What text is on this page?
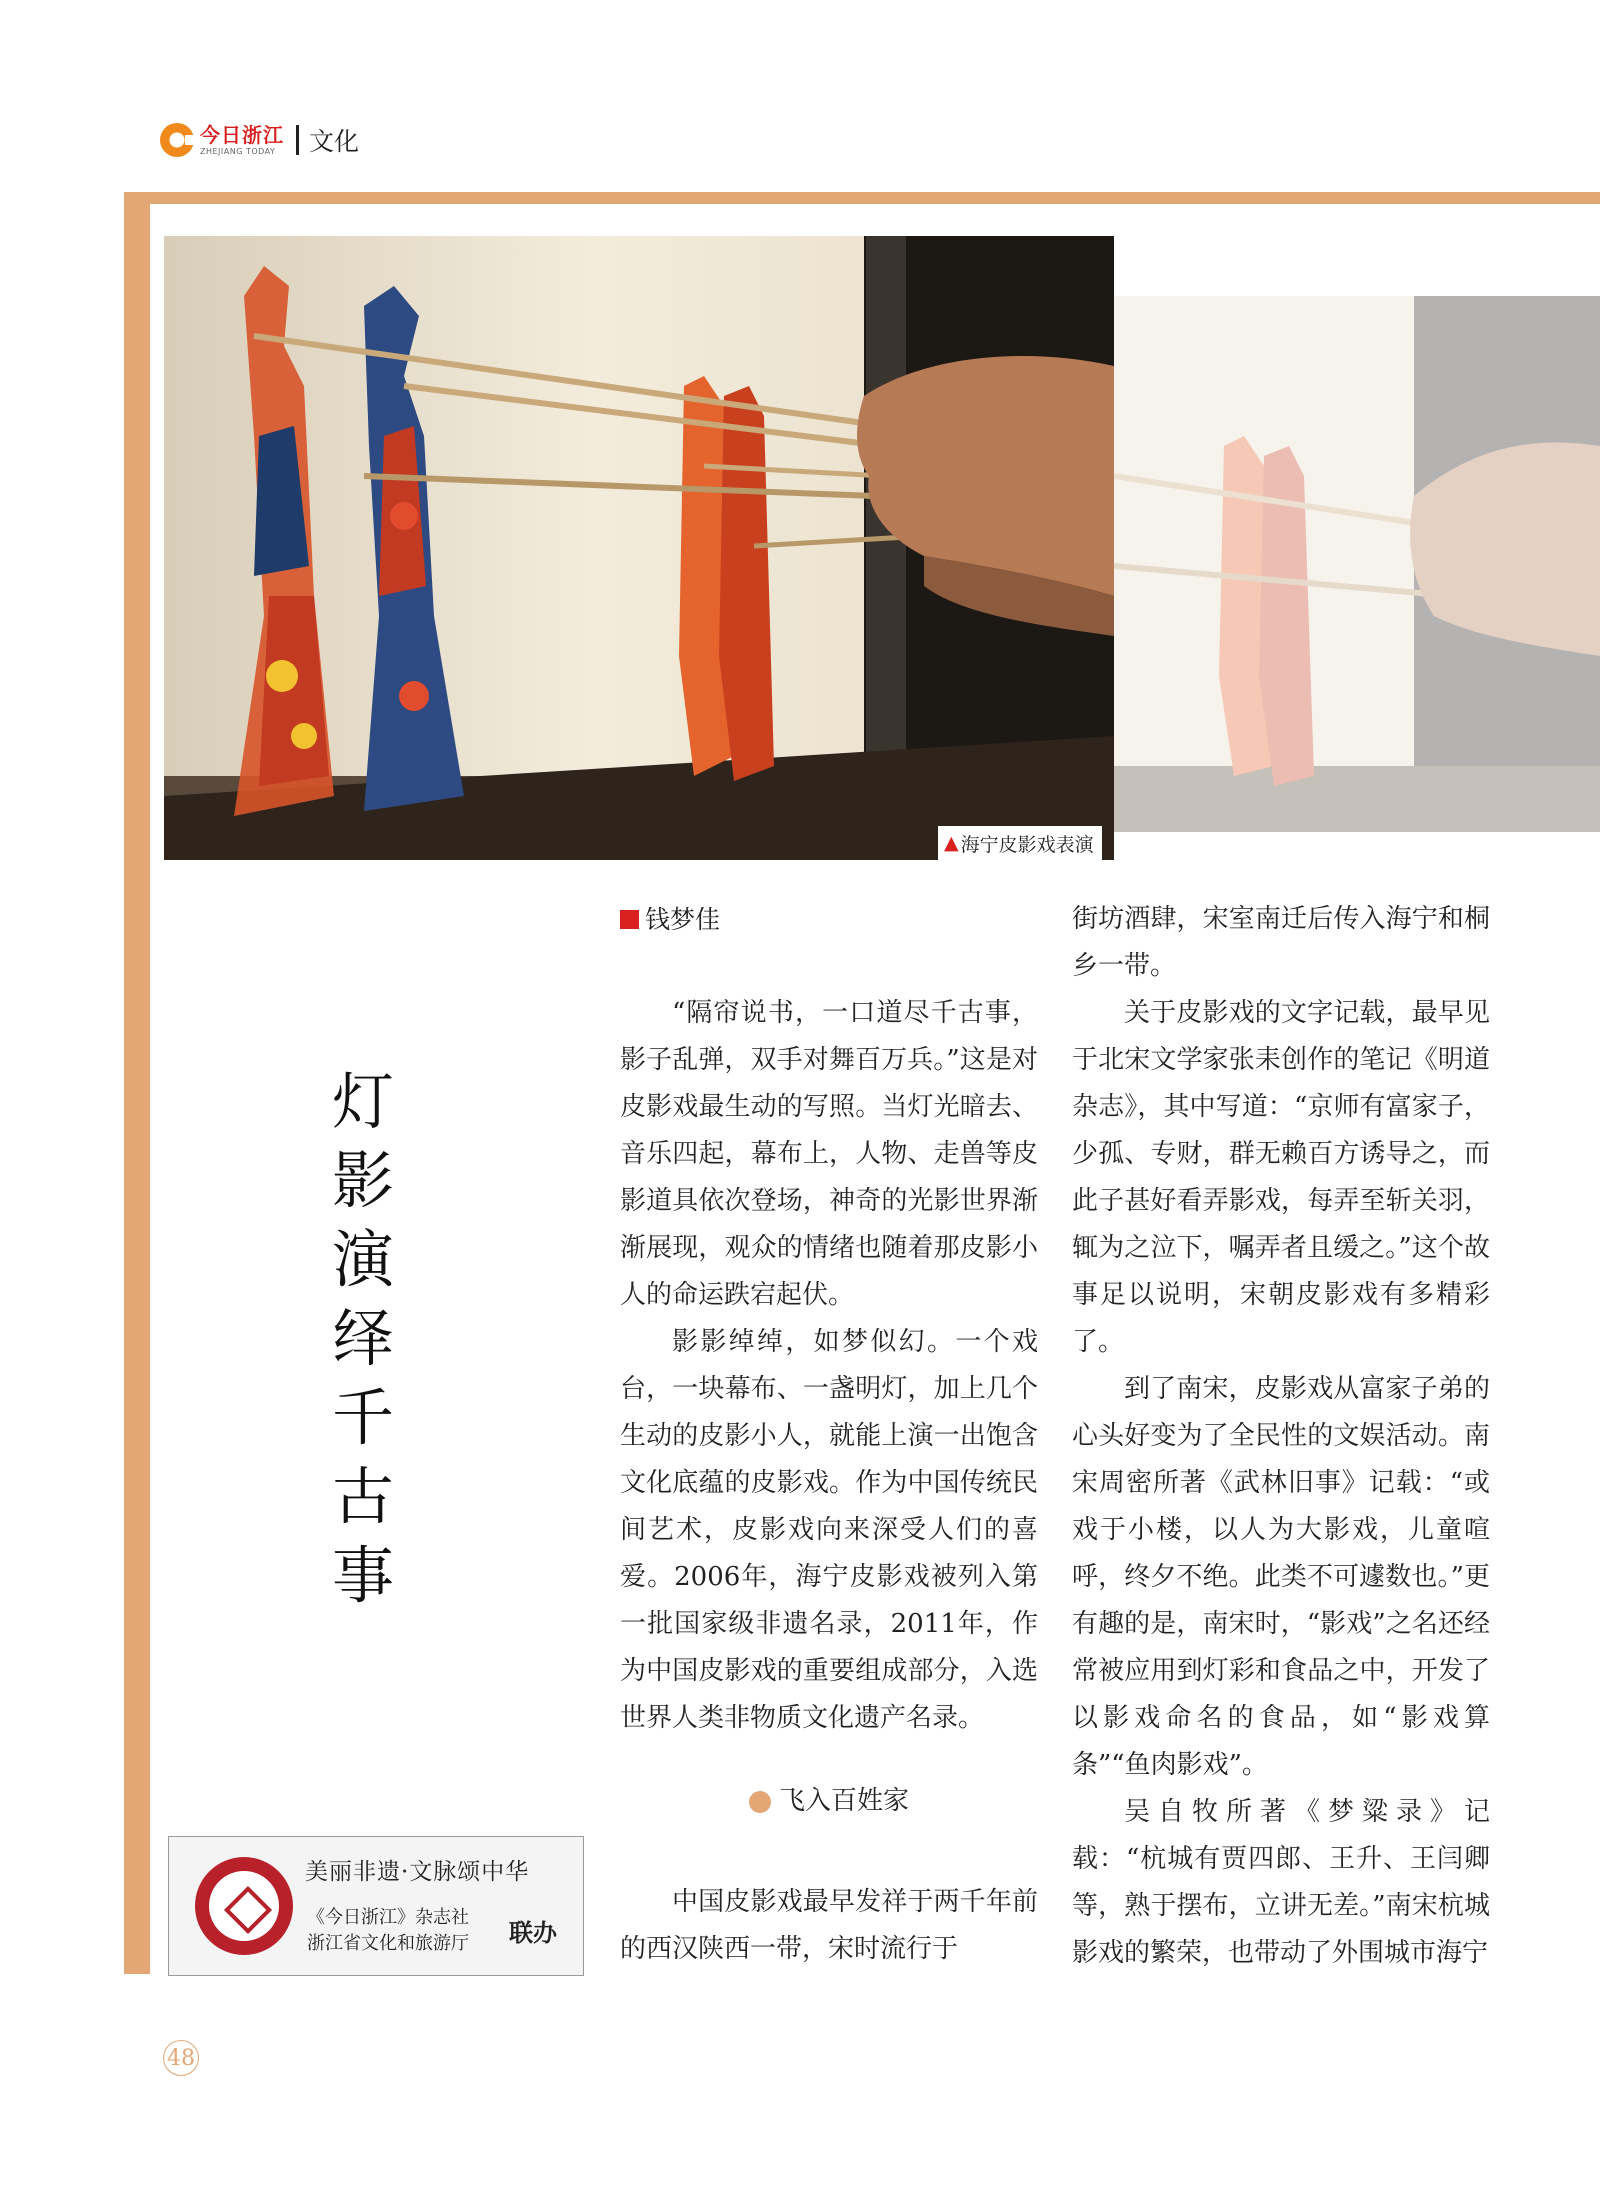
今日浙江
ZHEJIANG TODAY	文化
▲ 海宁皮影戏表演
灯
影
演
绎
千
古
事
钱梦佳

“隔帘说书，一口道尽千古事，影子乱弹，双手对舞百万兵。”这是对皮影戏最生动的写照。当灯光暗去、音乐四起，幕布上，人物、走兽等皮影道具依次登场，神奇的光影世界渐渐展现，观众的情绪也随着那皮影小人的命运跌宕起伏。

影影绰绰，如梦似幻。一个戏台，一块幕布、一盏明灯，加上几个生动的皮影小人，就能上演一出饱含文化底蕴的皮影戏。作为中国传统民间艺术，皮影戏向来深受人们的喜爱。2006年，海宁皮影戏被列入第一批国家级非遗名录，2011年，作为中国皮影戏的重要组成部分，入选世界人类非物质文化遗产名录。

飞入百姓家

中国皮影戏最早发祥于两千年前的西汉陕西一带，宋时流行于

街坊酒肆，宋室南迁后传入海宁和桐乡一带。

关于皮影戏的文字记载，最早见于北宋文学家张耒创作的笔记《明道杂志》，其中写道：“京师有富家子，少孤、专财，群无赖百方诱导之，而此子甚好看弄影戏，每弄至斩关羽，辄为之泣下，嘱弄者且缓之。”这个故事足以说明，宋朝皮影戏有多精彩了。

到了南宋，皮影戏从富家子弟的心头好变为了全民性的文娱活动。南宋周密所著《武林旧事》记载：“或戏于小楼，以人为大影戏，儿童喧呼，终夕不绝。此类不可遽数也。”更有趣的是，南宋时，“影戏”之名还经常被应用到灯彩和食品之中，开发了以影戏命名的食品，如“影戏算条”“鱼肉影戏”。

吴自牧所著《梦粱录》记载：“杭城有贾四郎、王升、王闫卿等，熟于摆布，立讲无差。”南宋杭城影戏的繁荣，也带动了外围城市海宁

美丽非遗·文脉颂中华
《今日浙江》杂志社
浙江省文化和旅游厅 联办
48
